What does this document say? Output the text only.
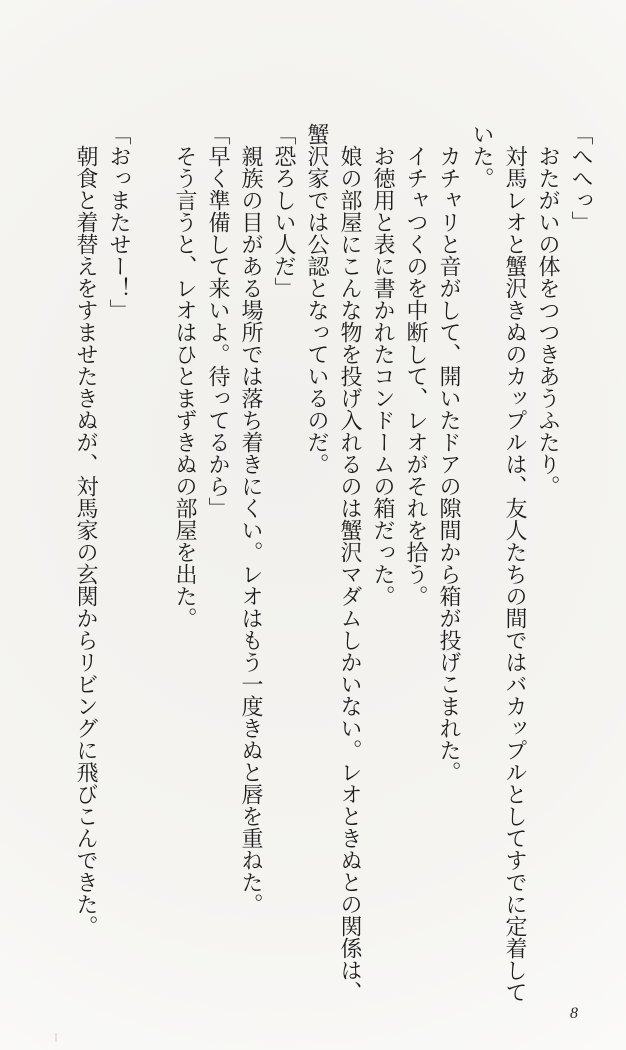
「へへっ」
おたがいの体をつつきあうふたり。
対馬レオと蟹沢きぬのカップルは、友人たちの間ではバカップルとしてすでに定着して
いた。
カチャリと音がして、開いたドアの隙間から箱が投げこまれた。
イチャつくのを中断して、レオがそれを拾う。
お徳用と表に書かれたコンドームの箱だった。
娘の部屋にこんな物を投げ入れるのは蟹沢マダムしかいない。レオときぬとの関係は、
蟹沢家では公認となっているのだ。
「恐ろしい人だ」
親族の目がある場所では落ち着きにくい。レオはもう一度きぬと唇を重ねた。
「早く準備して来いよ。待ってるから」
そう言うと、レオはひとまずきぬの部屋を出た。
「おっまたせー！」
朝食と着替えをすませたきぬが、対馬家の玄関からリビングに飛びこんできた。
8
